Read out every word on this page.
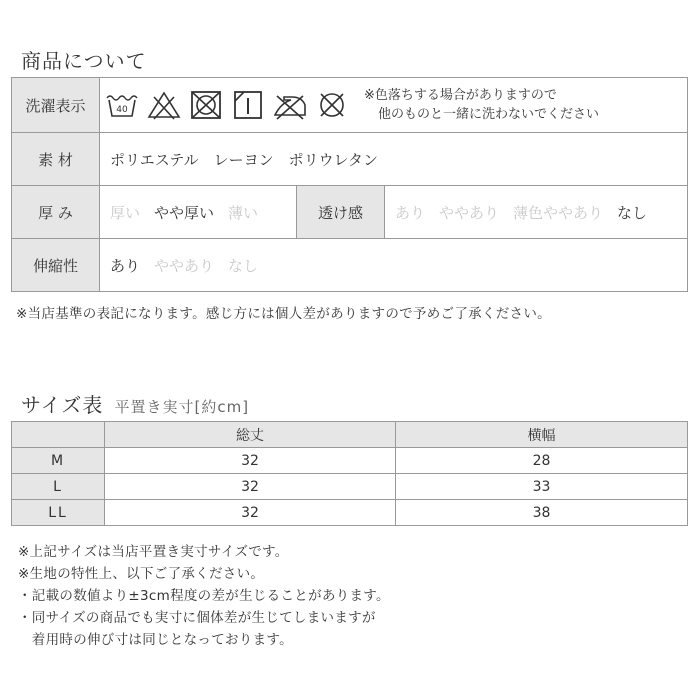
商品について
洗濯表示	40
※色落ちする場合がありますので
他のものと一緒に洗わないでください		

素 材	ポリエステル　レーヨン　ポリウレタン		
厚 み	厚い やや厚い 薄い	透け感	あり ややあり 薄色ややあり なし
伸縮性	あり ややあり なし		
※当店基準の表記になります。感じ方には個人差がありますので予めご了承ください。
サイズ表 平置き実寸[約cm]
	総丈	横幅
M	32	28
L	32	33
LL	32	38
※上記サイズは当店平置き実寸サイズです。
※生地の特性上、以下ご了承ください。
・記載の数値より±3cm程度の差が生じることがあります。
・同サイズの商品でも実寸に個体差が生じてしまいますが
　着用時の伸び寸は同じとなっております。
